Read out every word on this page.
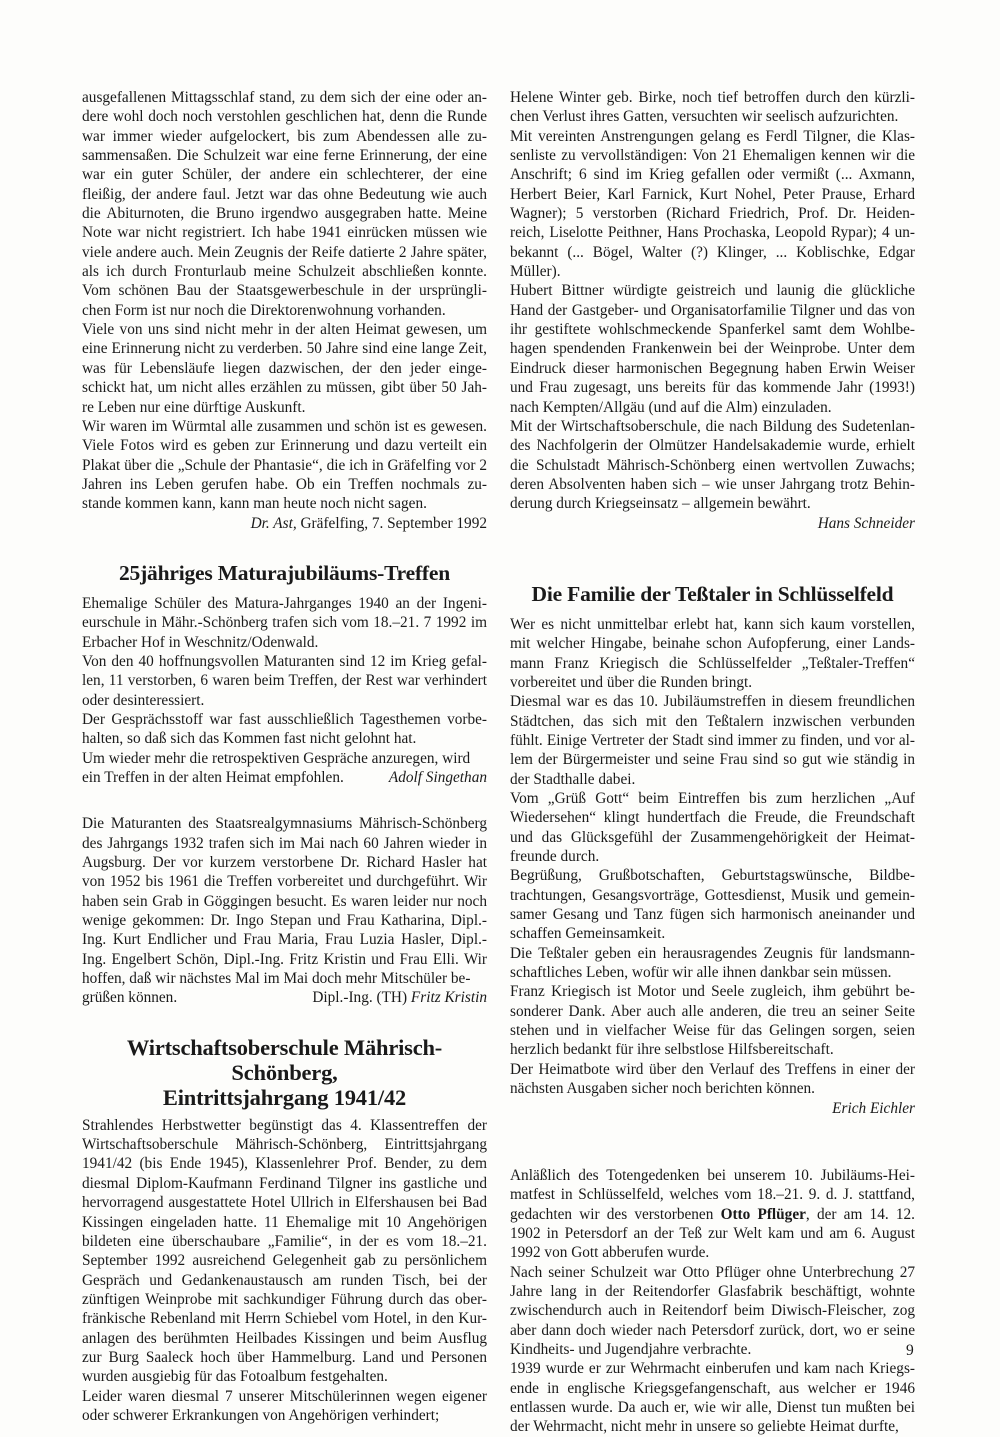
ausgefallenen Mittagsschlaf stand, zu dem sich der eine oder an- dere wohl doch noch verstohlen geschlichen hat, denn die Runde war immer wieder aufgelockert, bis zum Abendessen alle zu- sammensaßen. Die Schulzeit war eine ferne Erinnerung, der eine war ein guter Schüler, der andere ein schlechterer, der eine fleißig, der andere faul. Jetzt war das ohne Bedeutung wie auch die Abiturnoten, die Bruno irgendwo ausgegraben hatte. Meine Note war nicht registriert. Ich habe 1941 einrücken müssen wie viele andere auch. Mein Zeugnis der Reife datierte 2 Jahre später, als ich durch Fronturlaub meine Schulzeit abschließen konnte. Vom schönen Bau der Staatsgewerbeschule in der ursprüngli- chen Form ist nur noch die Direktorenwohnung vorhanden.

Viele von uns sind nicht mehr in der alten Heimat gewesen, um eine Erinnerung nicht zu verderben. 50 Jahre sind eine lange Zeit, was für Lebensläufe liegen dazwischen, der den jeder einge- schickt hat, um nicht alles erzählen zu müssen, gibt über 50 Jah- re Leben nur eine dürftige Auskunft.

Wir waren im Würmtal alle zusammen und schön ist es gewesen. Viele Fotos wird es geben zur Erinnerung und dazu verteilt ein Plakat über die „Schule der Phantasie“, die ich in Gräfelfing vor 2 Jahren ins Leben gerufen habe. Ob ein Treffen nochmals zu- stande kommen kann, kann man heute noch nicht sagen.

Dr. Ast, Gräfelfing, 7. September 1992

25jähriges Maturajubiläums-Treffen

Ehemalige Schüler des Matura-Jahrganges 1940 an der Ingeni- eurschule in Mähr.-Schönberg trafen sich vom 18.–21. 7 1992 im Erbacher Hof in Weschnitz/Odenwald.

Von den 40 hoffnungsvollen Maturanten sind 12 im Krieg gefal- len, 11 verstorben, 6 waren beim Treffen, der Rest war verhindert oder desinteressiert.

Der Gesprächsstoff war fast ausschließlich Tagesthemen vorbe- halten, so daß sich das Kommen fast nicht gelohnt hat.

Um wieder mehr die retrospektiven Gespräche anzuregen, wird

ein Treffen in der alten Heimat empfohlen.	Adolf Singethan

Die Maturanten des Staatsrealgymnasiums Mährisch-Schönberg des Jahrgangs 1932 trafen sich im Mai nach 60 Jahren wieder in Augsburg. Der vor kurzem verstorbene Dr. Richard Hasler hat von 1952 bis 1961 die Treffen vorbereitet und durchgeführt. Wir haben sein Grab in Göggingen besucht. Es waren leider nur noch wenige gekommen: Dr. Ingo Stepan und Frau Katharina, Dipl.- Ing. Kurt Endlicher und Frau Maria, Frau Luzia Hasler, Dipl.- Ing. Engelbert Schön, Dipl.-Ing. Fritz Kristin und Frau Elli. Wir hoffen, daß wir nächstes Mal im Mai doch mehr Mitschüler be-

grüßen können.	Dipl.-Ing. (TH) Fritz Kristin

Wirtschaftsoberschule Mährisch-Schönberg,
Eintrittsjahrgang 1941/42

Strahlendes Herbstwetter begünstigt das 4. Klassentreffen der Wirtschaftsoberschule Mährisch-Schönberg, Eintrittsjahrgang 1941/42 (bis Ende 1945), Klassenlehrer Prof. Bender, zu dem diesmal Diplom-Kaufmann Ferdinand Tilgner ins gastliche und hervorragend ausgestattete Hotel Ullrich in Elfershausen bei Bad Kissingen eingeladen hatte. 11 Ehemalige mit 10 Angehörigen bildeten eine überschaubare „Familie“, in der es vom 18.–21. September 1992 ausreichend Gelegenheit gab zu persönlichem Gespräch und Gedankenaustausch am runden Tisch, bei der zünftigen Weinprobe mit sachkundiger Führung durch das ober- fränkische Rebenland mit Herrn Schiebel vom Hotel, in den Kur- anlagen des berühmten Heilbades Kissingen und beim Ausflug zur Burg Saaleck hoch über Hammelburg. Land und Personen wurden ausgiebig für das Fotoalbum festgehalten.

Leider waren diesmal 7 unserer Mitschülerinnen wegen eigener oder schwerer Erkrankungen von Angehörigen verhindert;

Helene Winter geb. Birke, noch tief betroffen durch den kürzli- chen Verlust ihres Gatten, versuchten wir seelisch aufzurichten.

Mit vereinten Anstrengungen gelang es Ferdl Tilgner, die Klas- senliste zu vervollständigen: Von 21 Ehemaligen kennen wir die Anschrift; 6 sind im Krieg gefallen oder vermißt (... Axmann, Herbert Beier, Karl Farnick, Kurt Nohel, Peter Prause, Erhard Wagner); 5 verstorben (Richard Friedrich, Prof. Dr. Heiden- reich, Liselotte Peithner, Hans Prochaska, Leopold Rypar); 4 un- bekannt (... Bögel, Walter (?) Klinger, ... Koblischke, Edgar Müller).

Hubert Bittner würdigte geistreich und launig die glückliche Hand der Gastgeber- und Organisatorfamilie Tilgner und das von ihr gestiftete wohlschmeckende Spanferkel samt dem Wohlbe- hagen spendenden Frankenwein bei der Weinprobe. Unter dem Eindruck dieser harmonischen Begegnung haben Erwin Weiser und Frau zugesagt, uns bereits für das kommende Jahr (1993!) nach Kempten/Allgäu (und auf die Alm) einzuladen.

Mit der Wirtschaftsoberschule, die nach Bildung des Sudetenlan- des Nachfolgerin der Olmützer Handelsakademie wurde, erhielt die Schulstadt Mährisch-Schönberg einen wertvollen Zuwachs; deren Absolventen haben sich – wie unser Jahrgang trotz Behin- derung durch Kriegseinsatz – allgemein bewährt.

Hans Schneider

Die Familie der Teßtaler in Schlüsselfeld

Wer es nicht unmittelbar erlebt hat, kann sich kaum vorstellen, mit welcher Hingabe, beinahe schon Aufopferung, einer Lands- mann Franz Kriegisch die Schlüsselfelder „Teßtaler-Treffen“ vorbereitet und über die Runden bringt.

Diesmal war es das 10. Jubiläumstreffen in diesem freundlichen Städtchen, das sich mit den Teßtalern inzwischen verbunden fühlt. Einige Vertreter der Stadt sind immer zu finden, und vor al- lem der Bürgermeister und seine Frau sind so gut wie ständig in der Stadthalle dabei.

Vom „Grüß Gott“ beim Eintreffen bis zum herzlichen „Auf Wiedersehen“ klingt hundertfach die Freude, die Freundschaft und das Glücksgefühl der Zusammengehörigkeit der Heimat- freunde durch.

Begrüßung, Grußbotschaften, Geburtstagswünsche, Bildbe- trachtungen, Gesangsvorträge, Gottesdienst, Musik und gemein- samer Gesang und Tanz fügen sich harmonisch aneinander und schaffen Gemeinsamkeit.

Die Teßtaler geben ein herausragendes Zeugnis für landsmann- schaftliches Leben, wofür wir alle ihnen dankbar sein müssen.

Franz Kriegisch ist Motor und Seele zugleich, ihm gebührt be- sonderer Dank. Aber auch alle anderen, die treu an seiner Seite stehen und in vielfacher Weise für das Gelingen sorgen, seien herzlich bedankt für ihre selbstlose Hilfsbereitschaft.

Der Heimatbote wird über den Verlauf des Treffens in einer der nächsten Ausgaben sicher noch berichten können.

Erich Eichler

Anläßlich des Totengedenken bei unserem 10. Jubiläums-Hei- matfest in Schlüsselfeld, welches vom 18.–21. 9. d. J. stattfand, gedachten wir des verstorbenen Otto Pflüger, der am 14. 12. 1902 in Petersdorf an der Teß zur Welt kam und am 6. August 1992 von Gott abberufen wurde.

Nach seiner Schulzeit war Otto Pflüger ohne Unterbrechung 27 Jahre lang in der Reitendorfer Glasfabrik beschäftigt, wohnte zwischendurch auch in Reitendorf beim Diwisch-Fleischer, zog aber dann doch wieder nach Petersdorf zurück, dort, wo er seine Kindheits- und Jugendjahre verbrachte.

1939 wurde er zur Wehrmacht einberufen und kam nach Kriegs- ende in englische Kriegsgefangenschaft, aus welcher er 1946 entlassen wurde. Da auch er, wie wir alle, Dienst tun mußten bei der Wehrmacht, nicht mehr in unsere so geliebte Heimat durfte,

9
